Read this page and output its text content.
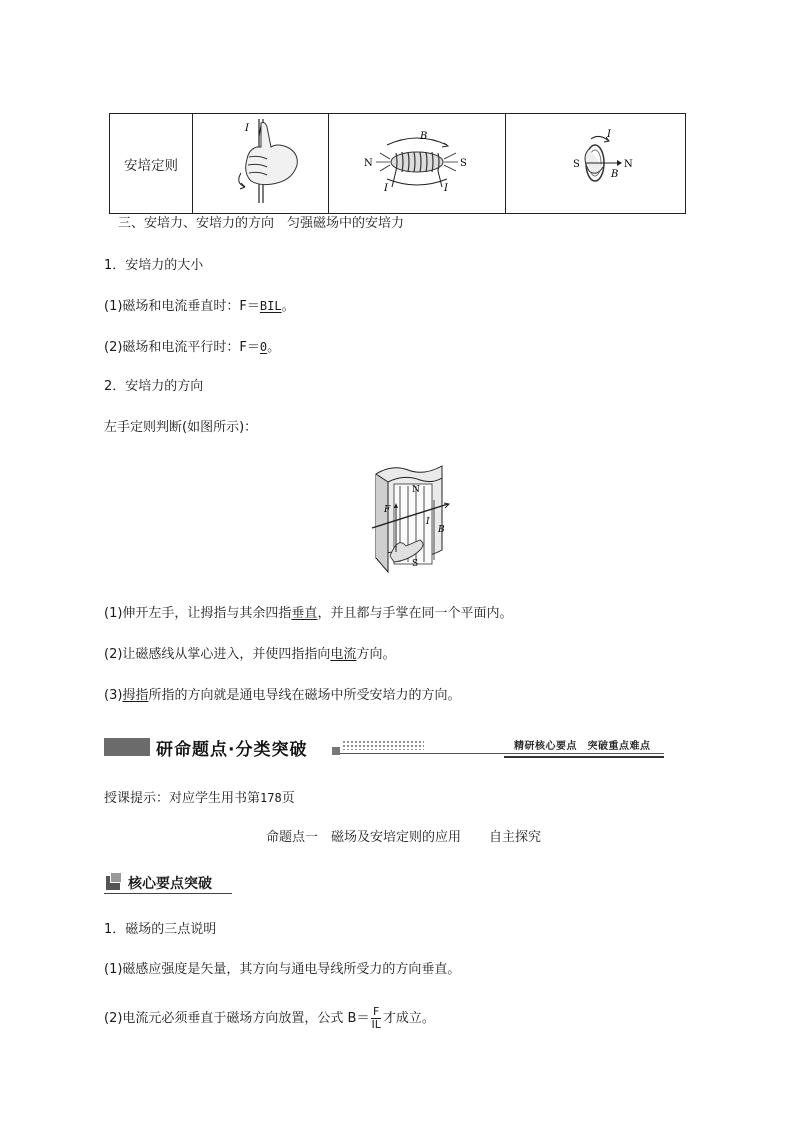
安培定则	
I

B
N	S
I	I

I
S	N
B
三、安培力、安培力的方向　匀强磁场中的安培力
1．安培力的大小
(1)磁场和电流垂直时：F＝BIL。
(2)磁场和电流平行时：F＝0。
2．安培力的方向
左手定则判断(如图所示)：
N
S
F
I
B
(1)伸开左手，让拇指与其余四指垂直，并且都与手掌在同一个平面内。
(2)让磁感线从掌心进入，并使四指指向电流方向。
(3)拇指所指的方向就是通电导线在磁场中所受安培力的方向。
研命题点·分类突破	精研核心要点　突破重点难点
授课提示：对应学生用书第178页
命题点一　磁场及安培定则的应用 自主探究
核心要点突破
1．磁场的三点说明
(1)磁感应强度是矢量，其方向与通电导线所受力的方向垂直。
(2)电流元必须垂直于磁场方向放置，公式 $B= \frac{F}{IL}$ 才成立。
